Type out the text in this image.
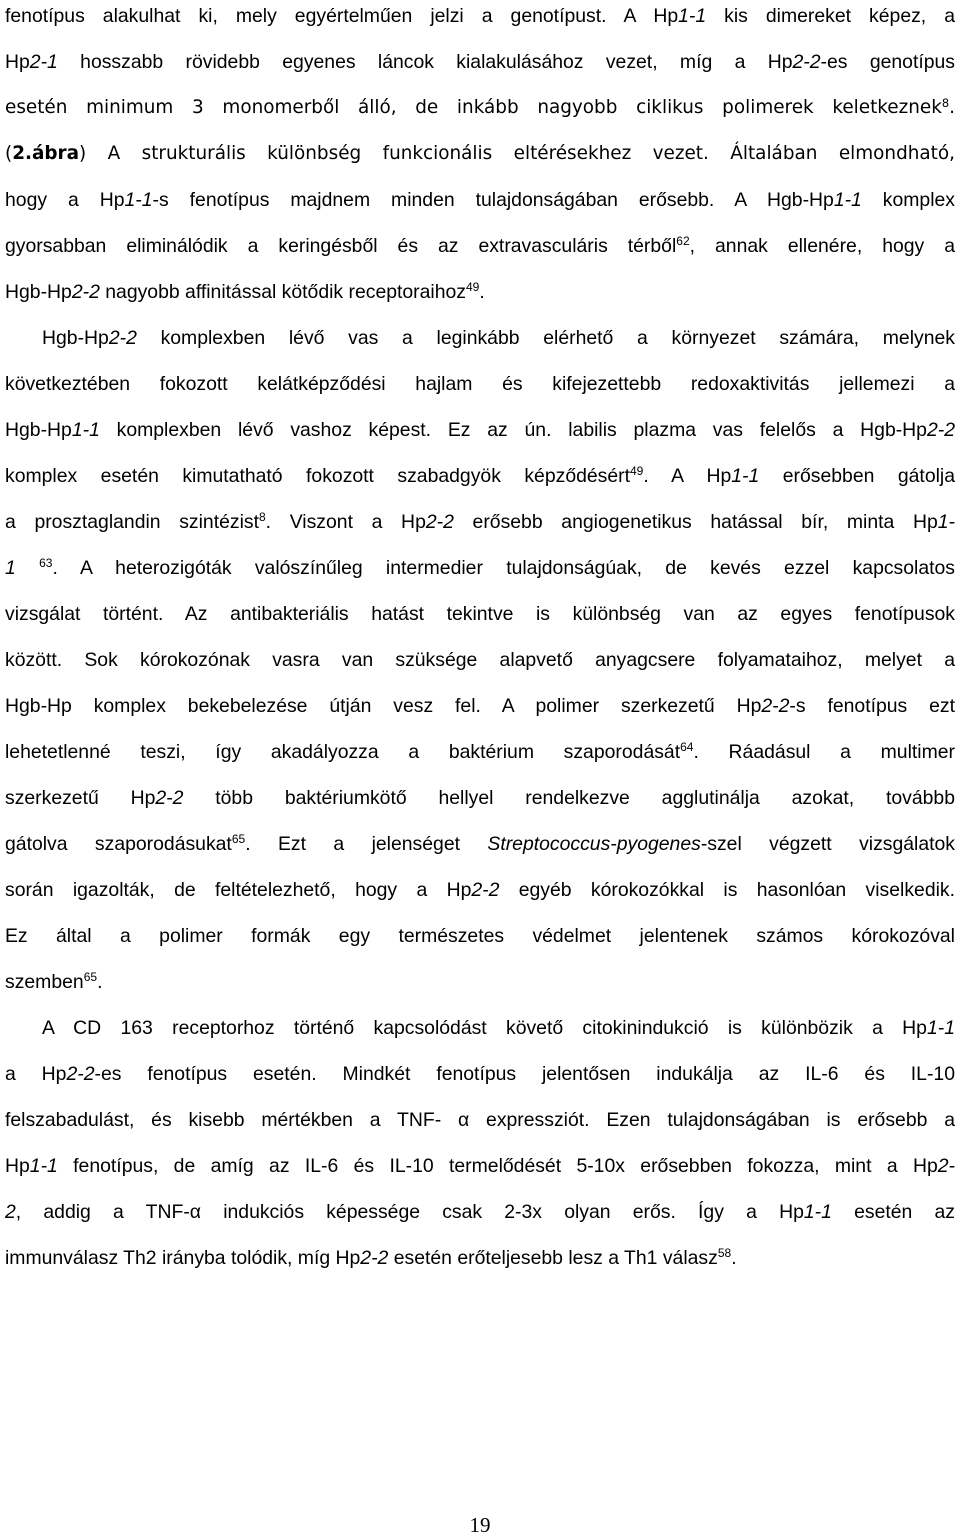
fenotípus alakulhat ki, mely egyértelműen jelzi a genotípust. A Hp1-1 kis dimereket képez, a
Hp2-1 hosszabb rövidebb egyenes láncok kialakulásához vezet, míg a Hp2-2-es genotípus
esetén minimum 3 monomerből álló, de inkább nagyobb ciklikus polimerek keletkeznek$^8$.
(2.ábra) A strukturális különbség funkcionális eltérésekhez vezet. Általában elmondható,
hogy a Hp1-1-s fenotípus majdnem minden tulajdonságában erősebb. A Hgb-Hp1-1 komplex
gyorsabban eliminálódik a keringésből és az extravasculáris térből$^{62}$, annak ellenére, hogy a
Hgb-Hp2-2 nagyobb affinitással kötődik receptoraihoz$^{49}$.
Hgb-Hp2-2 komplexben lévő vas a leginkább elérhető a környezet számára, melynek
következtében fokozott kelátképződési hajlam és kifejezettebb redoxaktivitás jellemezi a
Hgb-Hp1-1 komplexben lévő vashoz képest. Ez az ún. labilis plazma vas felelős a Hgb-Hp2-2
komplex esetén kimutatható fokozott szabadgyök képződésért$^{49}$. A Hp1-1 erősebben gátolja
a prosztaglandin szintézist$^8$. Viszont a Hp2-2 erősebb angiogenetikus hatással bír, minta Hp1-
1 $^{63}$. A heterozigóták valószínűleg intermedier tulajdonságúak, de kevés ezzel kapcsolatos
vizsgálat történt. Az antibakteriális hatást tekintve is különbség van az egyes fenotípusok
között. Sok kórokozónak vasra van szüksége alapvető anyagcsere folyamataihoz, melyet a
Hgb-Hp komplex bekebelezése útján vesz fel. A polimer szerkezetű Hp2-2-s fenotípus ezt
lehetetlenné teszi, így akadályozza a baktérium szaporodását$^{64}$. Ráadásul a multimer
szerkezetű Hp2-2 több baktériumkötő hellyel rendelkezve agglutinálja azokat, továbbb
gátolva szaporodásukat$^{65}$. Ezt a jelenséget Streptococcus-pyogenes-szel végzett vizsgálatok
során igazolták, de feltételezhető, hogy a Hp2-2 egyéb kórokozókkal is hasonlóan viselkedik.
Ez által a polimer formák egy természetes védelmet jelentenek számos kórokozóval
szemben$^{65}$.
A CD 163 receptorhoz történő kapcsolódást követő citokinindukció is különbözik a Hp1-1
a Hp2-2-es fenotípus esetén. Mindkét fenotípus jelentősen indukálja az IL-6 és IL-10
felszabadulást, és kisebb mértékben a TNF- α expressziót. Ezen tulajdonságában is erősebb a
Hp1-1 fenotípus, de amíg az IL-6 és IL-10 termelődését 5-10x erősebben fokozza, mint a Hp2-
2, addig a TNF-α indukciós képessége csak 2-3x olyan erős. Így a Hp1-1 esetén az
immunválasz Th2 irányba tolódik, míg Hp2-2 esetén erőteljesebb lesz a Th1 válasz$^{58}$.
19
